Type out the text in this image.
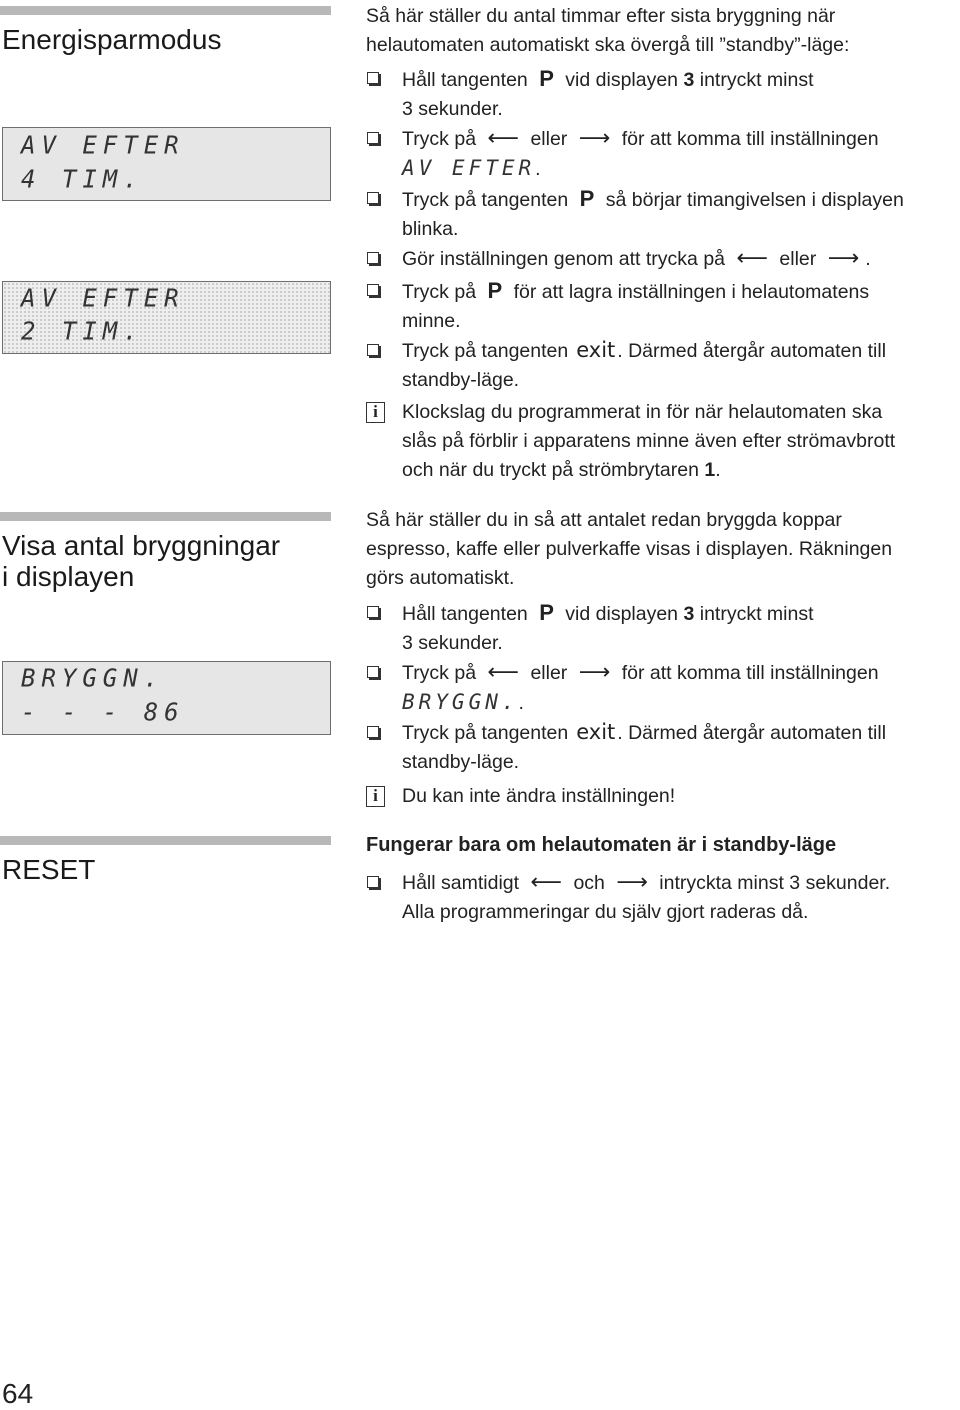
Energisparmodus
AV EFTER
4 TIM.
AV EFTER
2 TIM.
Så här ställer du antal timmar efter sista bryggning när
helautomaten automatiskt ska övergå till ”standby”-läge:
Håll tangenten P vid displayen 3 intryckt minst
3 sekunder.
Tryck på ⟵ eller ⟶ för att komma till inställningen
AV EFTER.
Tryck på tangenten P så börjar timangivelsen i displayen
blinka.
Gör inställningen genom att trycka på ⟵ eller ⟶ .
Tryck på P för att lagra inställningen i helautomatens
minne.
Tryck på tangenten exit . Därmed återgår automaten till
standby-läge.
i	Klockslag du programmerat in för när helautomaten ska
slås på förblir i apparatens minne även efter strömavbrott
och när du tryckt på strömbrytaren 1.
Visa antal bryggningar
i displayen
BRYGGN.
- - - 86
Så här ställer du in så att antalet redan bryggda koppar
espresso, kaffe eller pulverkaffe visas i displayen. Räkningen
görs automatiskt.
Håll tangenten P vid displayen 3 intryckt minst
3 sekunder.
Tryck på ⟵ eller ⟶ för att komma till inställningen
BRYGGN..
Tryck på tangenten exit . Därmed återgår automaten till
standby-läge.
i	Du kan inte ändra inställningen!
RESET
Fungerar bara om helautomaten är i standby-läge
Håll samtidigt ⟵ och ⟶ intryckta minst 3 sekunder.
Alla programmeringar du själv gjort raderas då.
64
